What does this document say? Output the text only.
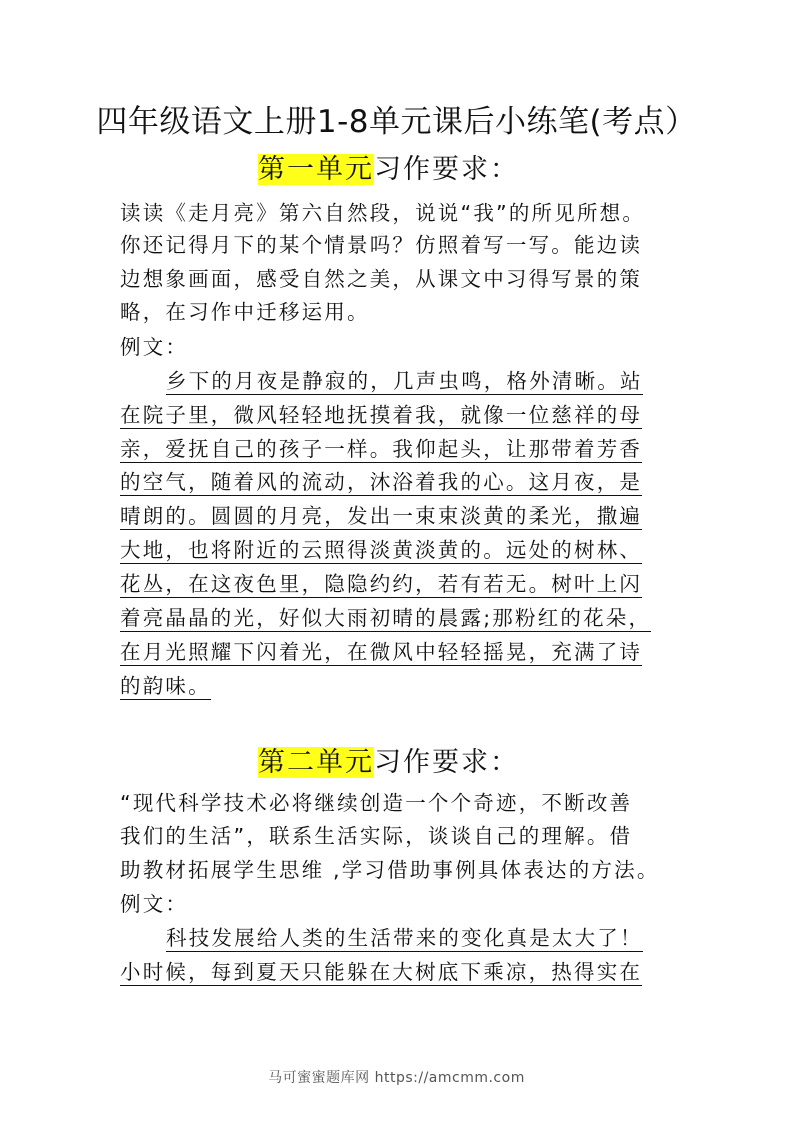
四年级语文上册1-8单元课后小练笔(考点）
第一单元习作要求：
读读《走月亮》第六自然段，说说“我”的所见所想。
你还记得月下的某个情景吗？仿照着写一写。能边读
边想象画面，感受自然之美，从课文中习得写景的策
略，在习作中迁移运用。
例文：
乡下的月夜是静寂的，几声虫鸣，格外清晰。站
在院子里，微风轻轻地抚摸着我，就像一位慈祥的母
亲，爱抚自己的孩子一样。我仰起头，让那带着芳香
的空气，随着风的流动，沐浴着我的心。这月夜，是
晴朗的。圆圆的月亮，发出一束束淡黄的柔光，撒遍
大地，也将附近的云照得淡黄淡黄的。远处的树林、
花丛，在这夜色里，隐隐约约，若有若无。树叶上闪
着亮晶晶的光，好似大雨初晴的晨露;那粉红的花朵，
在月光照耀下闪着光，在微风中轻轻摇晃，充满了诗
的韵味。
第二单元习作要求：
“现代科学技术必将继续创造一个个奇迹，不断改善
我们的生活”，联系生活实际，谈谈自己的理解。借
助教材拓展学生思维 ,学习借助事例具体表达的方法。
例文：
科技发展给人类的生活带来的变化真是太大了！
小时候，每到夏天只能躲在大树底下乘凉，热得实在
马可蜜蜜题库网 https://amcmm.com
